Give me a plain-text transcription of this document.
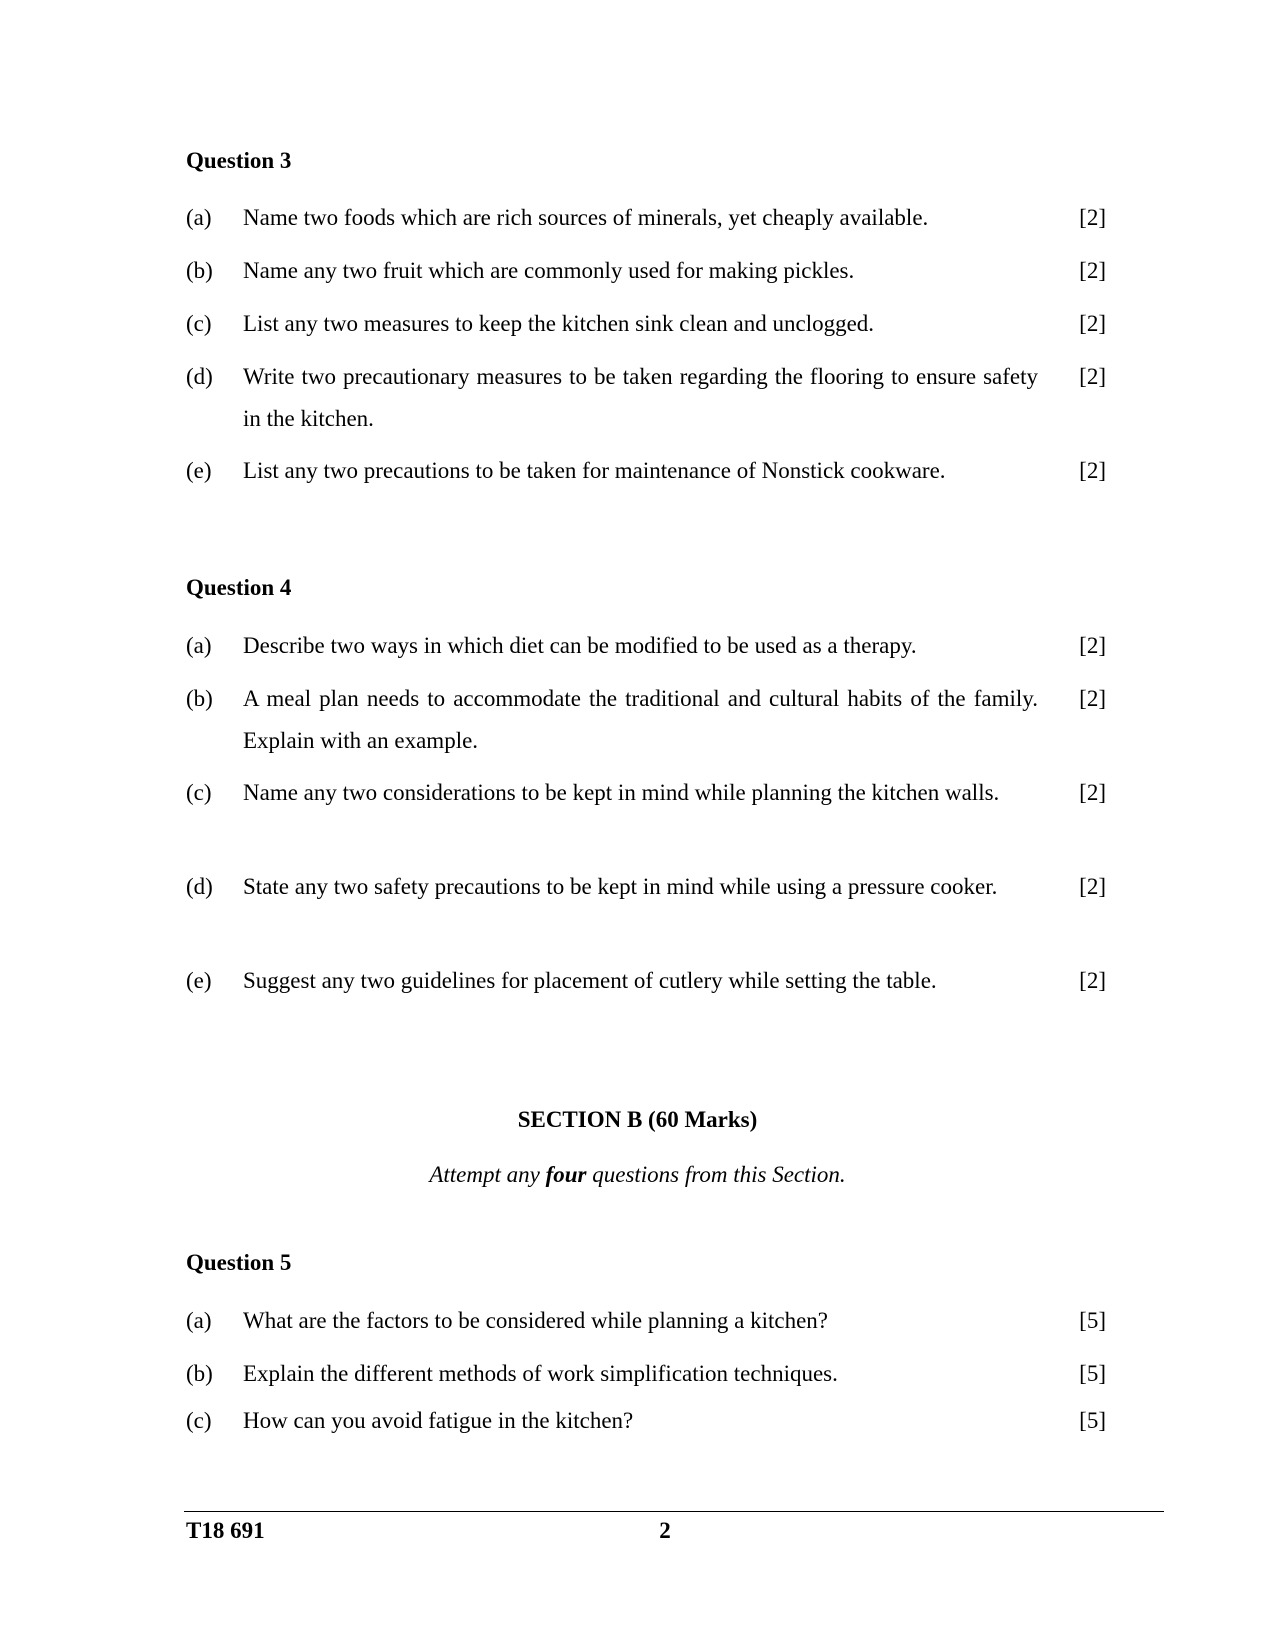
Question 3
(a) Name two foods which are rich sources of minerals, yet cheaply available.	[2]
(b) Name any two fruit which are commonly used for making pickles.	[2]
(c) List any two measures to keep the kitchen sink clean and unclogged.	[2]
(d) Write two precautionary measures to be taken regarding the flooring to ensure safety in the kitchen.
[2]
(e) List any two precautions to be taken for maintenance of Nonstick cookware.	[2]
Question 4
(a) Describe two ways in which diet can be modified to be used as a therapy.	[2]
(b) A meal plan needs to accommodate the traditional and cultural habits of the family. Explain with an example.
[2]
(c) Name any two considerations to be kept in mind while planning the kitchen walls.	[2]
(d) State any two safety precautions to be kept in mind while using a pressure cooker.	[2]
(e) Suggest any two guidelines for placement of cutlery while setting the table.	[2]
SECTION B (60 Marks)
Attempt any four questions from this Section.
Question 5
(a) What are the factors to be considered while planning a kitchen?	[5]
(b) Explain the different methods of work simplification techniques.	[5]
(c) How can you avoid fatigue in the kitchen?	[5]
T18 691	2
